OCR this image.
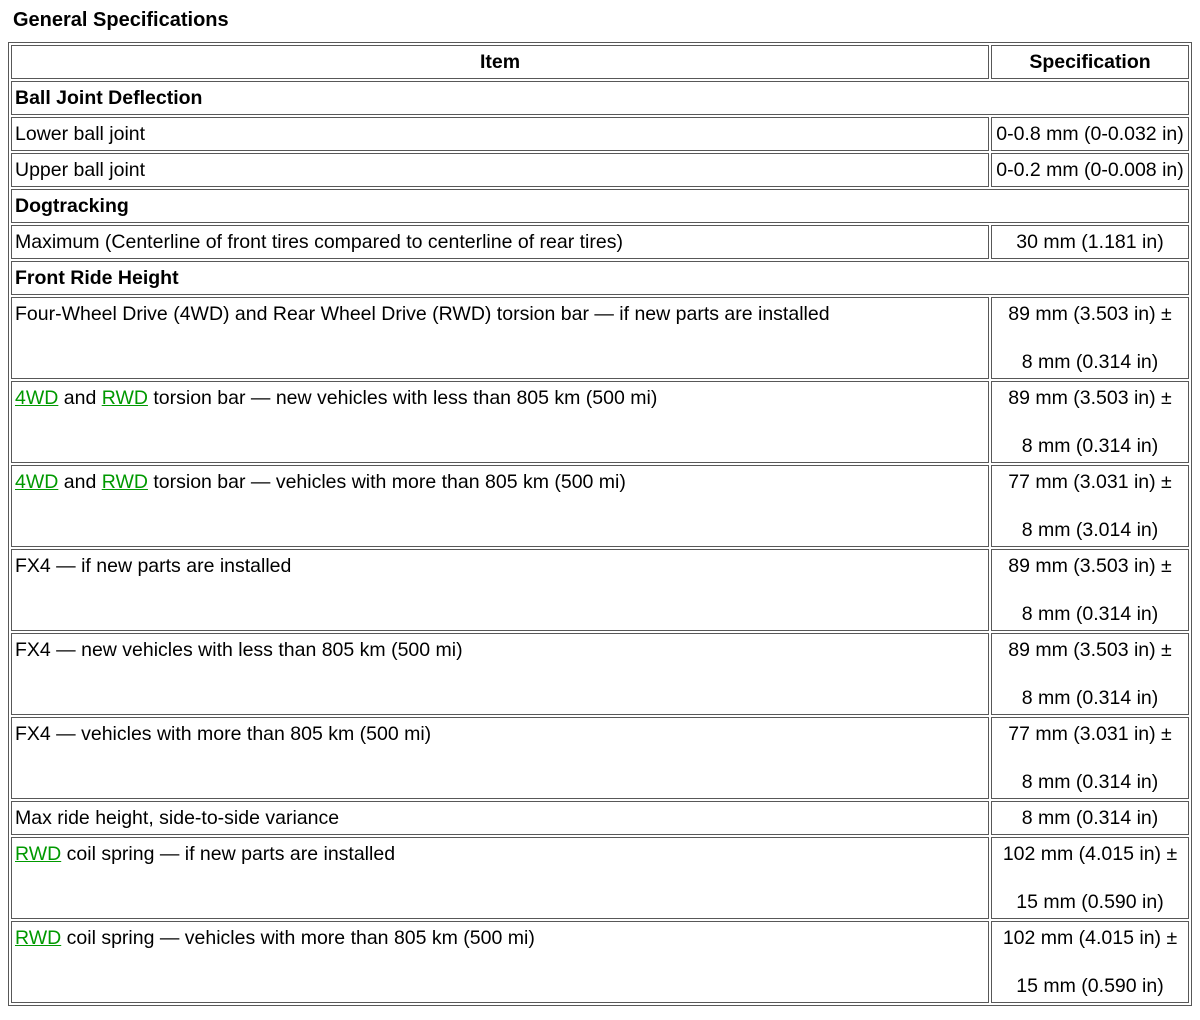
General Specifications
Item	Specification
Ball Joint Deflection	
Lower ball joint	0-0.8 mm (0-0.032 in)
Upper ball joint	0-0.2 mm (0-0.008 in)
Dogtracking	
Maximum (Centerline of front tires compared to centerline of rear tires)	30 mm (1.181 in)
Front Ride Height	
Four-Wheel Drive (4WD) and Rear Wheel Drive (RWD) torsion bar — if new parts are installed	89 mm (3.503 in) ±

8 mm (0.314 in)
4WD and RWD torsion bar — new vehicles with less than 805 km (500 mi)	89 mm (3.503 in) ±

8 mm (0.314 in)
4WD and RWD torsion bar — vehicles with more than 805 km (500 mi)	77 mm (3.031 in) ±

8 mm (3.014 in)
FX4 — if new parts are installed	89 mm (3.503 in) ±

8 mm (0.314 in)
FX4 — new vehicles with less than 805 km (500 mi)	89 mm (3.503 in) ±

8 mm (0.314 in)
FX4 — vehicles with more than 805 km (500 mi)	77 mm (3.031 in) ±

8 mm (0.314 in)
Max ride height, side-to-side variance	8 mm (0.314 in)
RWD coil spring — if new parts are installed	102 mm (4.015 in) ±

15 mm (0.590 in)
RWD coil spring — vehicles with more than 805 km (500 mi)	102 mm (4.015 in) ±

15 mm (0.590 in)
